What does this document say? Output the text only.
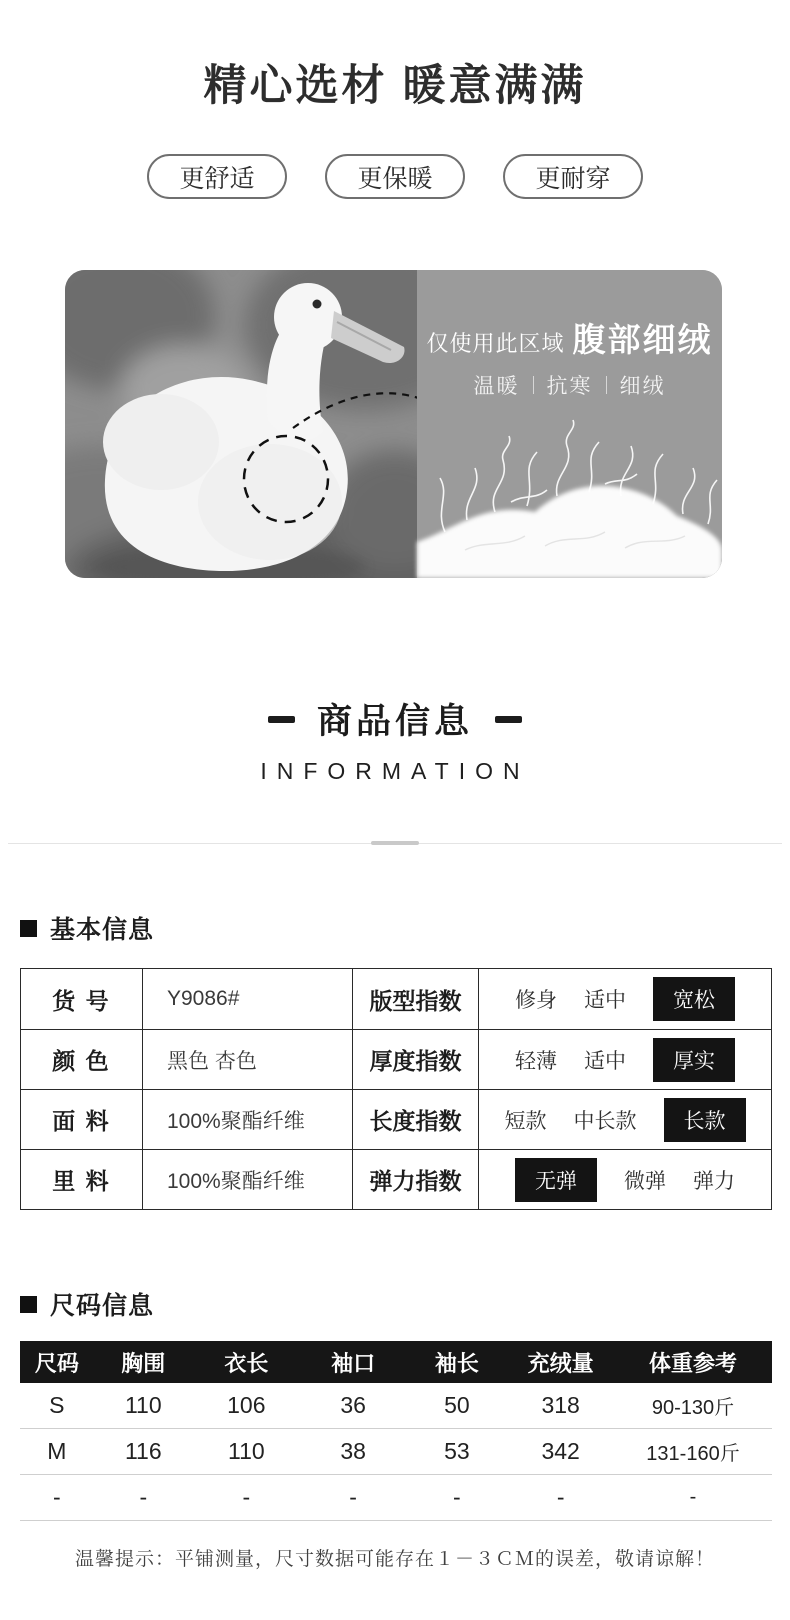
精心选材 暖意满满
更舒适	更保暖	更耐穿
仅使用此区域 腹部细绒
温暖 抗寒 细绒
商品信息
INFORMATION
基本信息
货 号	Y9086#	版型指数	修身 适中	宽松
颜 色	黑色 杏色	厚度指数	轻薄 适中	厚实
面 料	100%聚酯纤维	长度指数	短款 中长款	长款
里 料	100%聚酯纤维	弹力指数	无弹	微弹 弹力
尺码信息
尺码	胸围	衣长	袖口	袖长	充绒量	体重参考
S	110	106	36	50	318	90-130斤
M	116	110	38	53	342	131-160斤
-	-	-	-	-	-	-
温馨提示：平铺测量，尺寸数据可能存在１－３ＣＭ的误差，敬请谅解！
